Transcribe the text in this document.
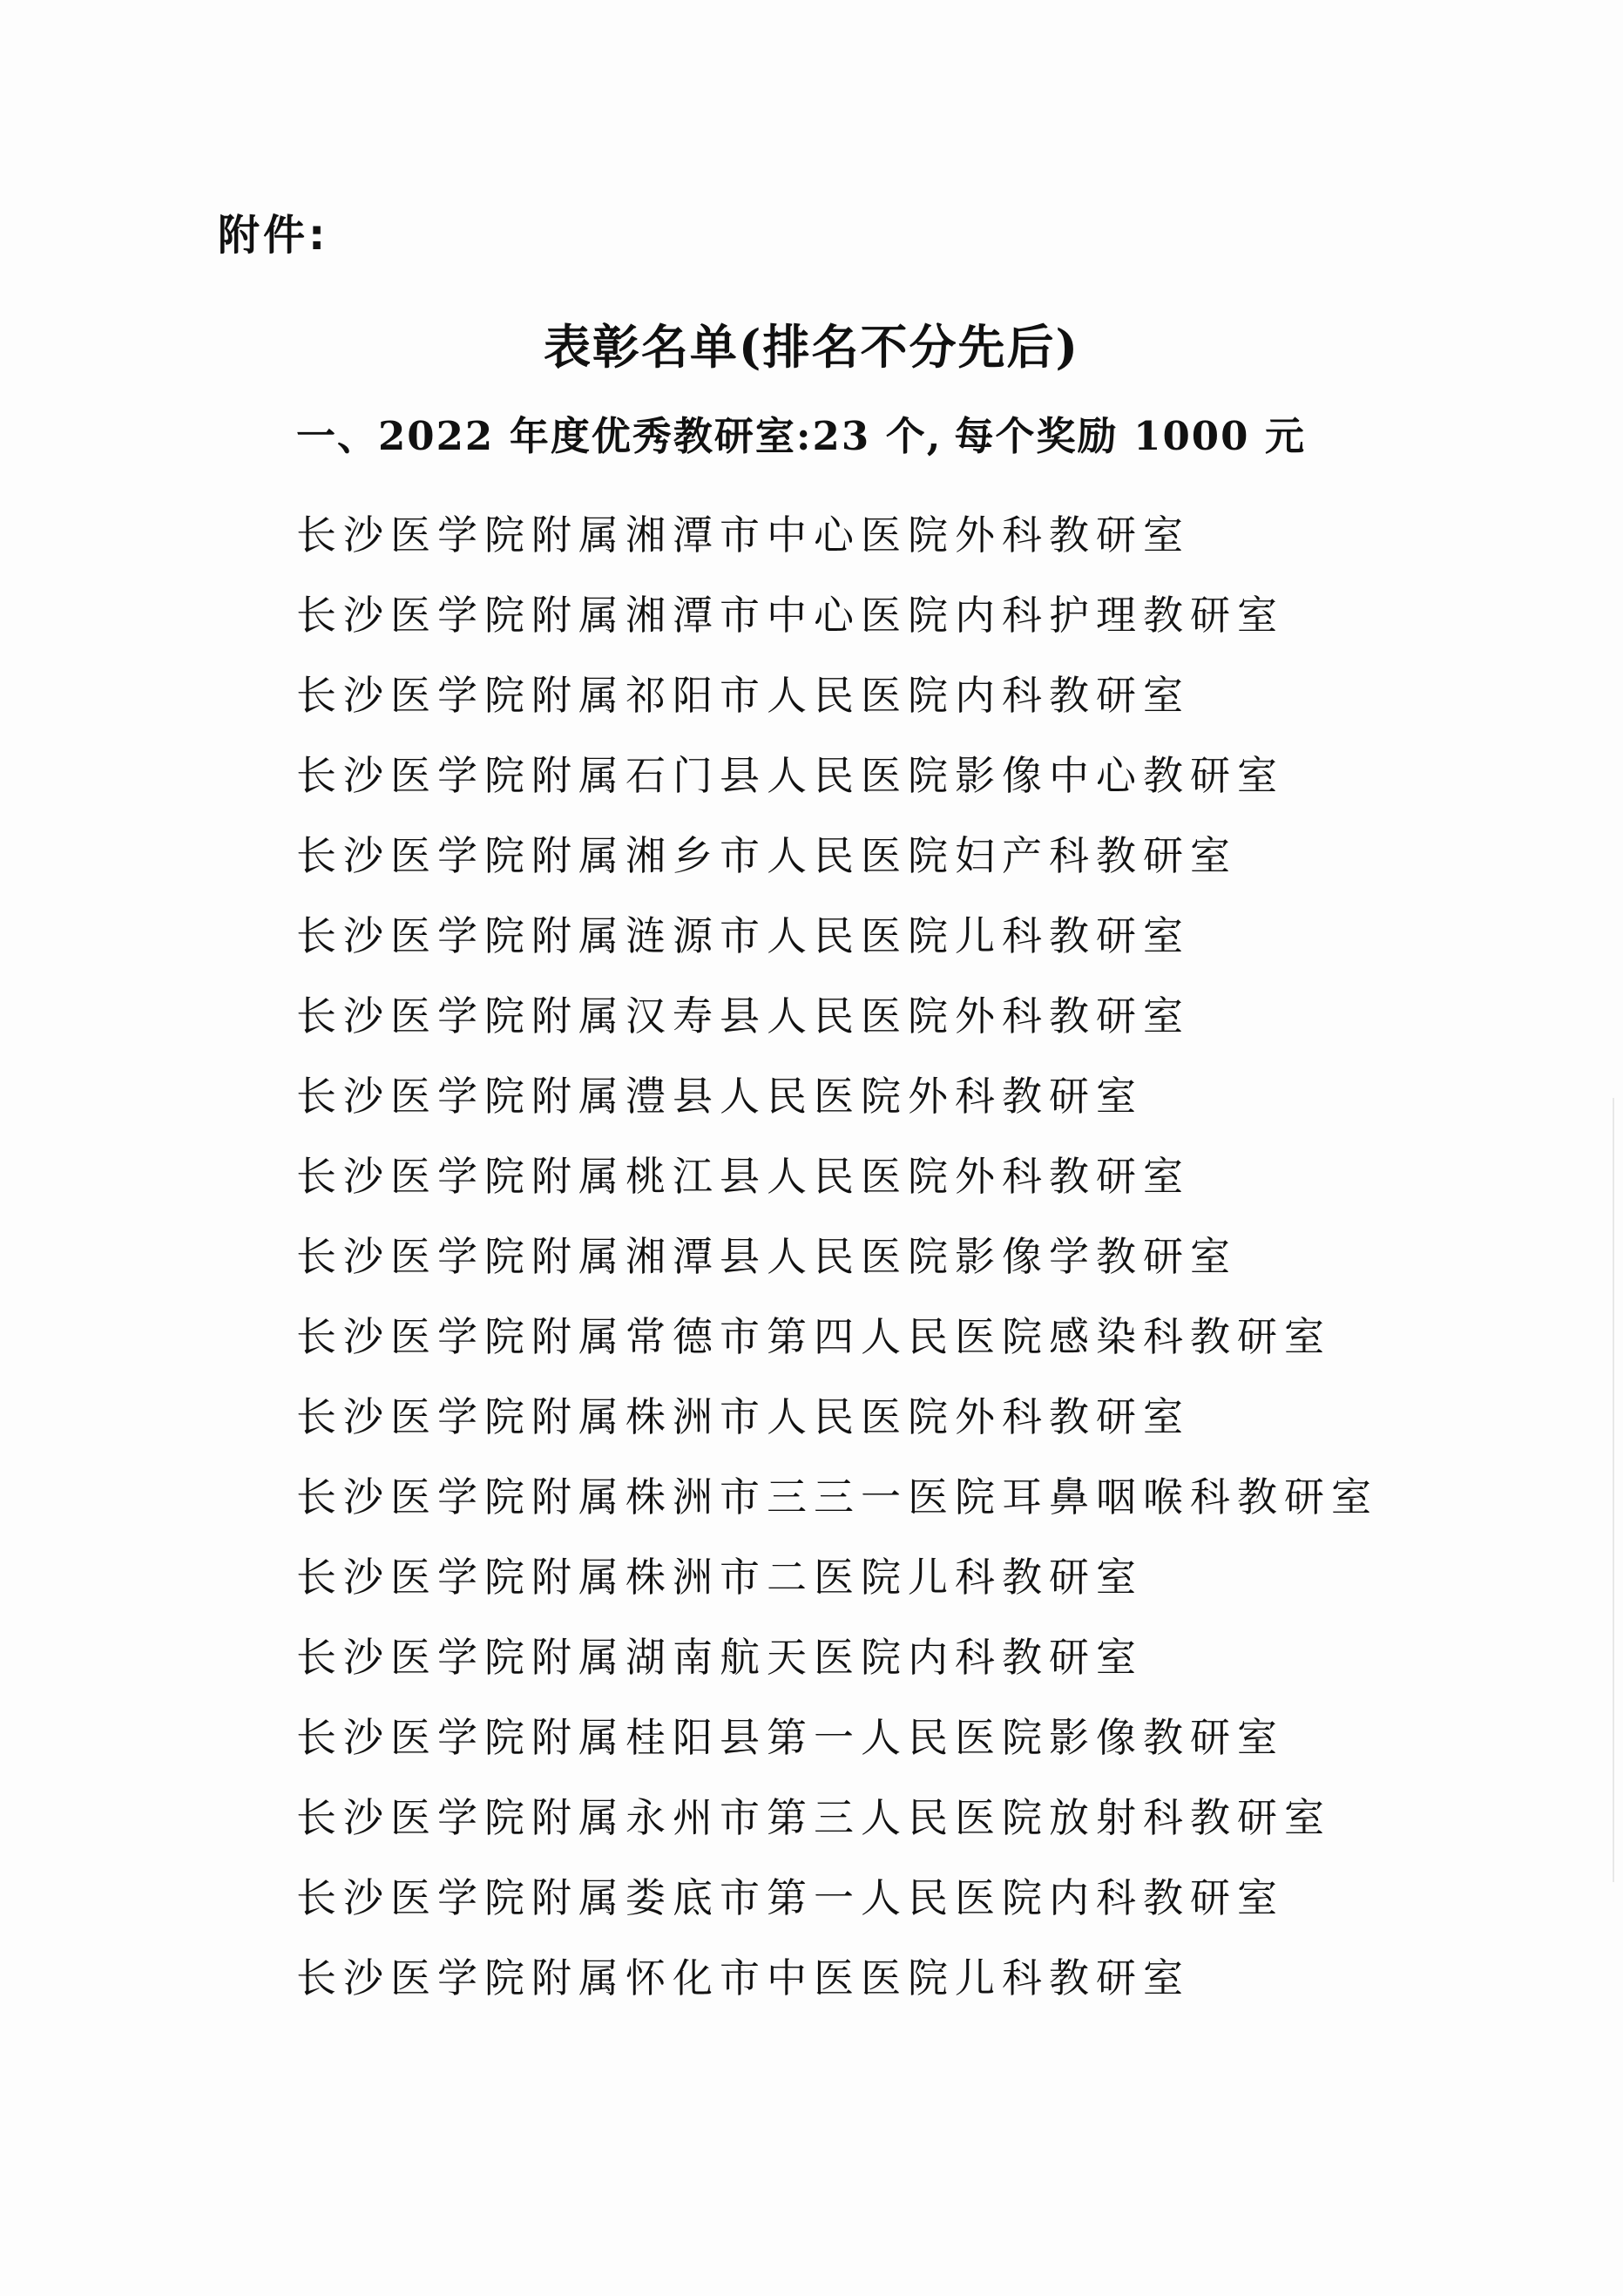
附件:
表彰名单(排名不分先后)
一、2022 年度优秀教研室:23 个, 每个奖励 1000 元
长沙医学院附属湘潭市中心医院外科教研室
长沙医学院附属湘潭市中心医院内科护理教研室
长沙医学院附属祁阳市人民医院内科教研室
长沙医学院附属石门县人民医院影像中心教研室
长沙医学院附属湘乡市人民医院妇产科教研室
长沙医学院附属涟源市人民医院儿科教研室
长沙医学院附属汉寿县人民医院外科教研室
长沙医学院附属澧县人民医院外科教研室
长沙医学院附属桃江县人民医院外科教研室
长沙医学院附属湘潭县人民医院影像学教研室
长沙医学院附属常德市第四人民医院感染科教研室
长沙医学院附属株洲市人民医院外科教研室
长沙医学院附属株洲市三三一医院耳鼻咽喉科教研室
长沙医学院附属株洲市二医院儿科教研室
长沙医学院附属湖南航天医院内科教研室
长沙医学院附属桂阳县第一人民医院影像教研室
长沙医学院附属永州市第三人民医院放射科教研室
长沙医学院附属娄底市第一人民医院内科教研室
长沙医学院附属怀化市中医医院儿科教研室
